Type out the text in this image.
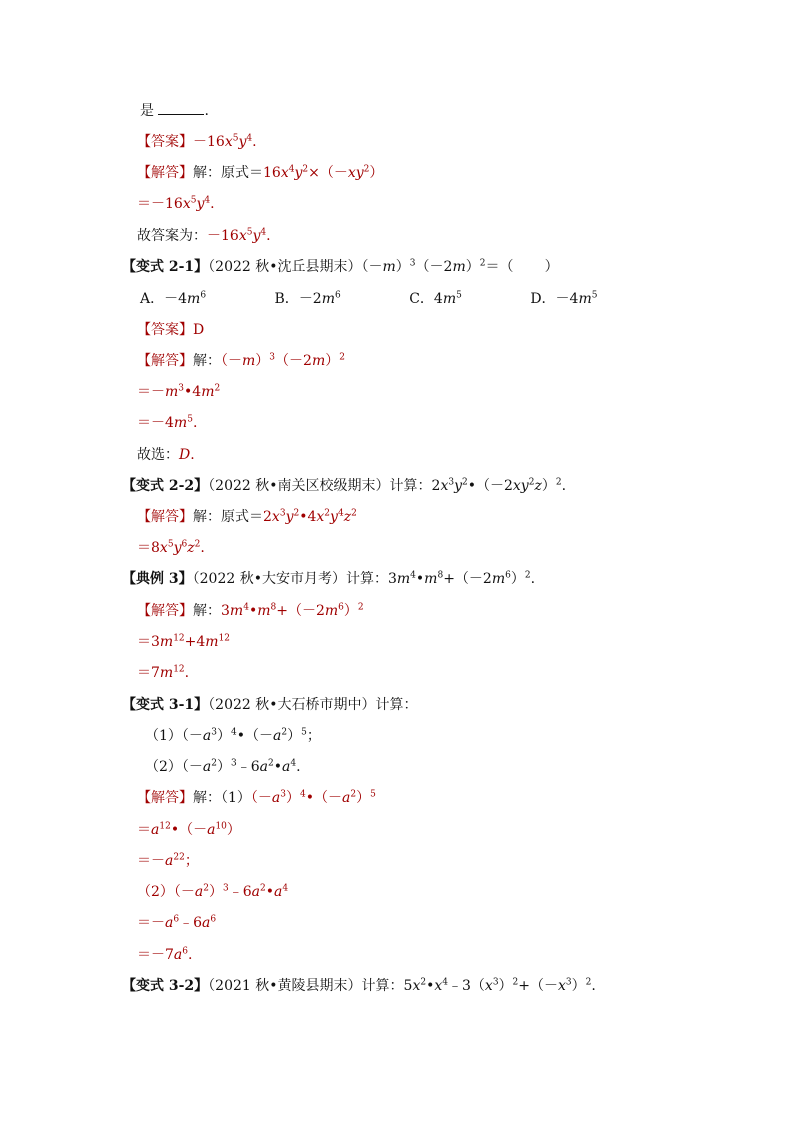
是	.
【答案】$-16x^5y^4$.
【解答】解：原式$=16x^4y^2\times(-xy^2)$
$=-16x^5y^4$.
故答案为：$-16x^5y^4$.
【变式 2-1】（2022 秋•沈丘县期末）$(-m)^3(-2m)^2=$（       ）
A．$-4m^6$	B．$-2m^6$	C．$4m^5$	D．$-4m^5$
【答案】D
【解答】解：$(-m)^3(-2m)^2$
$=-m^3•4m^2$
$=-4m^5$.
故选：D.
【变式 2-2】（2022 秋•南关区校级期末）计算：$2x^3y^2•(-2xy^2z)^2$.
【解答】解：原式$=2x^3y^2•4x^2y^4z^2$
$=8x^5y^6z^2$.
【典例 3】（2022 秋•大安市月考）计算：$3m^4•m^8+(-2m^6)^2$.
【解答】解：$3m^4•m^8+(-2m^6)^2$
$=3m^{12}+4m^{12}$
$=7m^{12}$.
【变式 3-1】（2022 秋•大石桥市期中）计算：
$(1)(-a^3)^4•(-a^2)^5$；
$(2)(-a^2)^3﹣6a^2•a^4$.
【解答】解：$(1)(-a^3)^4•(-a^2)^5$
$=a^{12}•(-a^{10})$
$=-a^{22}$；
$(2)(-a^2)^3﹣6a^2•a^4$
$=-a^6﹣6a^6$
$=-7a^6$.
【变式 3-2】（2021 秋•黄陵县期末）计算：$5x^2•x^4﹣3(x^3)^2+(-x^3)^2$.
